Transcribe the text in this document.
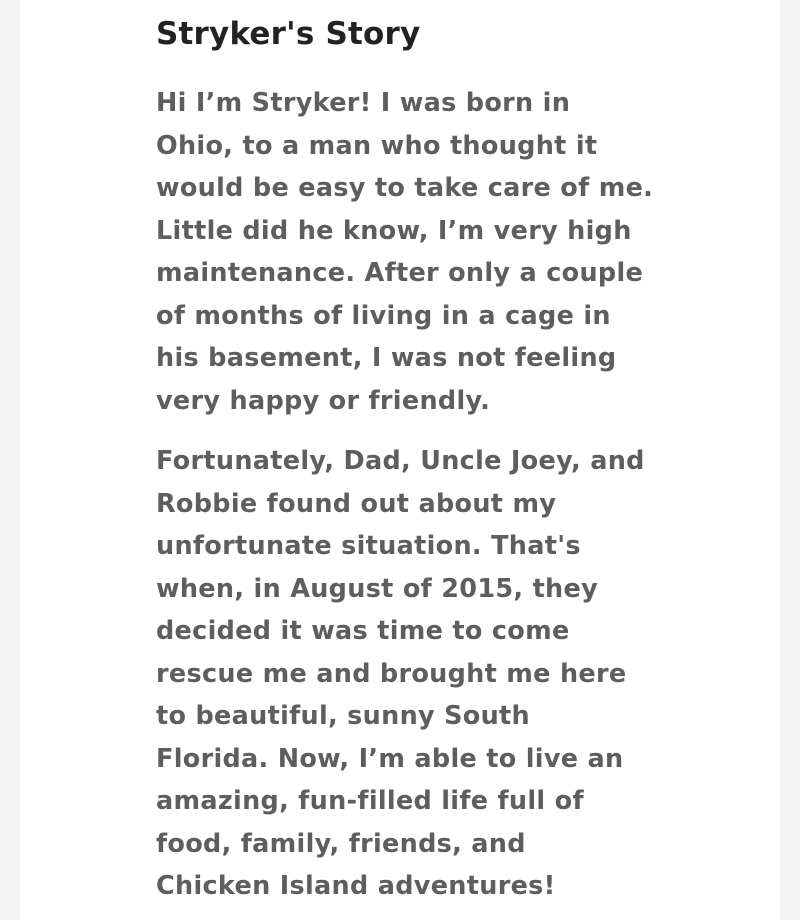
Stryker's Story

Hi I’m Stryker! I was born in
Ohio, to a man who thought it
would be easy to take care of me.
Little did he know, I’m very high
maintenance. After only a couple
of months of living in a cage in
his basement, I was not feeling
very happy or friendly.

Fortunately, Dad, Uncle Joey, and
Robbie found out about my
unfortunate situation. That's
when, in August of 2015, they
decided it was time to come
rescue me and brought me here
to beautiful, sunny South
Florida. Now, I’m able to live an
amazing, fun-filled life full of
food, family, friends, and
Chicken Island adventures!
